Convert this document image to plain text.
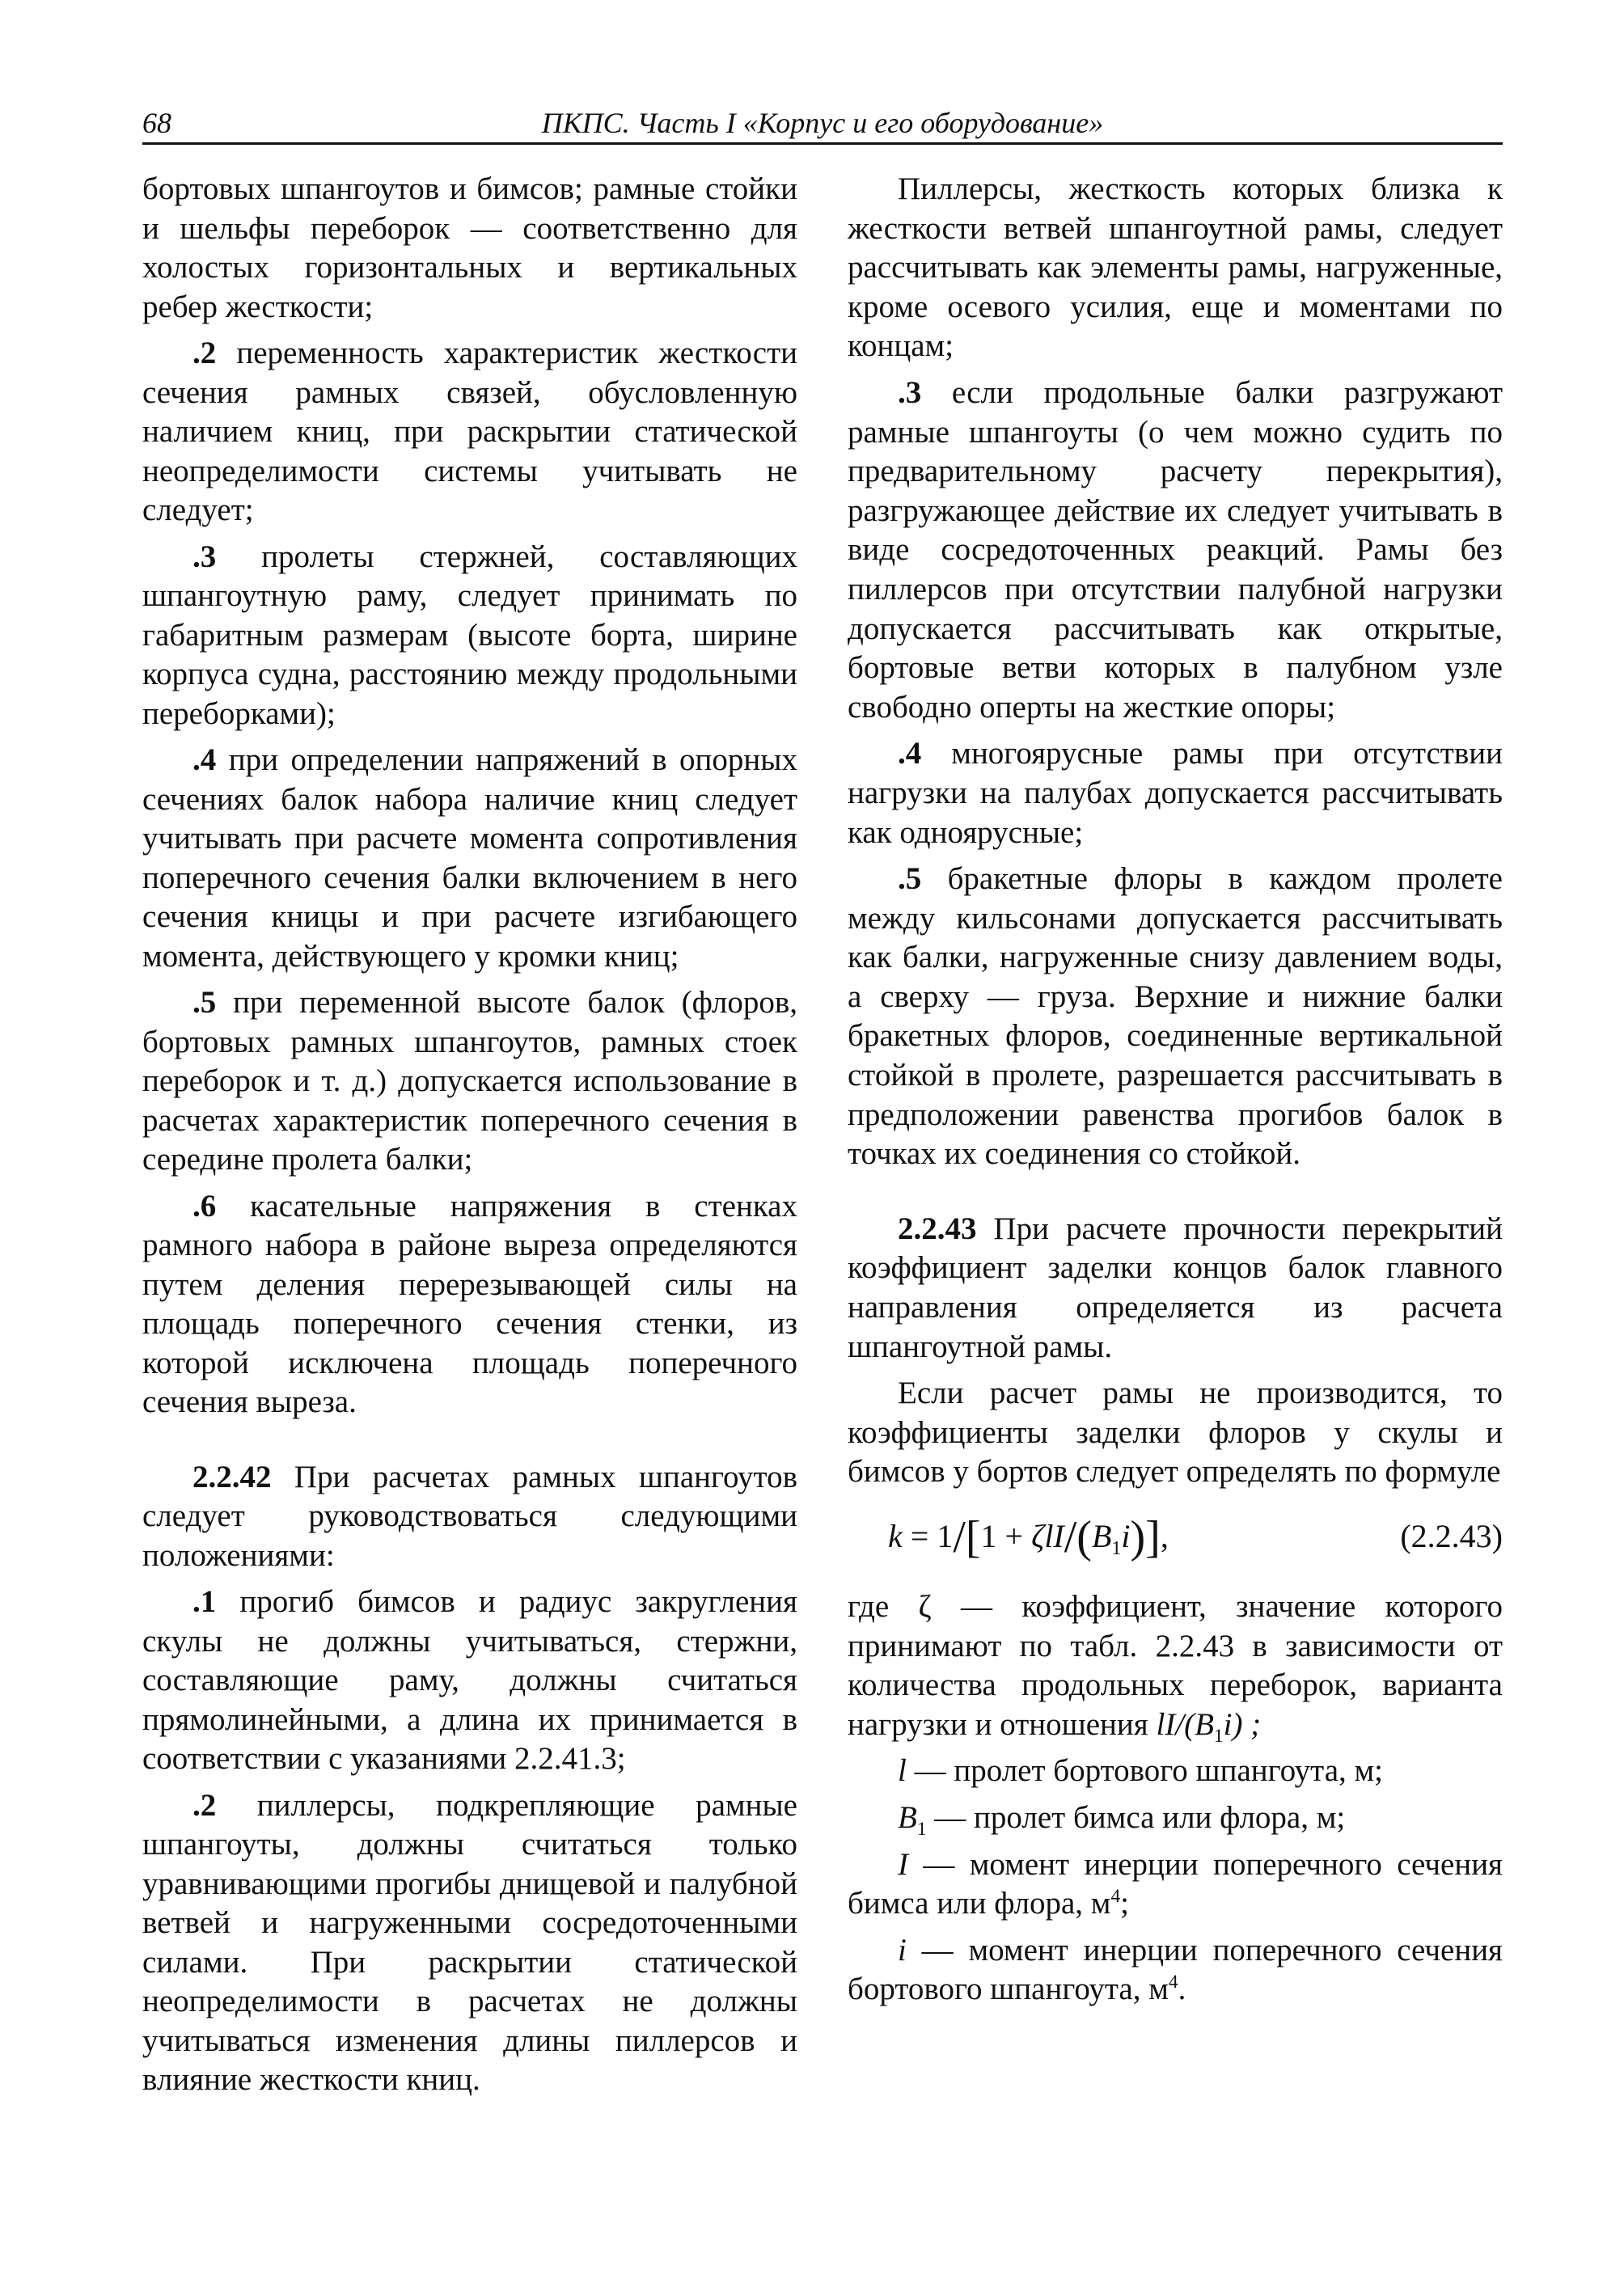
68	ПКПС. Часть I «Корпус и его оборудование»

бортовых шпангоутов и бимсов; рамные стойки и шельфы переборок — соответственно для холостых горизонтальных и вертикальных ребер жесткости;

.2 переменность характеристик жесткости сечения рамных связей, обусловленную наличием книц, при раскрытии статической неопределимости системы учитывать не следует;

.3 пролеты стержней, составляющих шпангоутную раму, следует принимать по габаритным размерам (высоте борта, ширине корпуса судна, расстоянию между продольными переборками);

.4 при определении напряжений в опорных сечениях балок набора наличие книц следует учитывать при расчете момента сопротивления поперечного сечения балки включением в него сечения кницы и при расчете изгибающего момента, действующего у кромки книц;

.5 при переменной высоте балок (флоров, бортовых рамных шпангоутов, рамных стоек переборок и т. д.) допускается использование в расчетах характеристик поперечного сечения в середине пролета балки;

.6 касательные напряжения в стенках рамного набора в районе выреза определяются путем деления перерезывающей силы на площадь поперечного сечения стенки, из которой исключена площадь поперечного сечения выреза.

2.2.42 При расчетах рамных шпангоутов следует руководствоваться следующими положениями:

.1 прогиб бимсов и радиус закругления скулы не должны учитываться, стержни, составляющие раму, должны считаться прямолинейными, а длина их принимается в соответствии с указаниями 2.2.41.3;

.2 пиллерсы, подкрепляющие рамные шпангоуты, должны считаться только уравнивающими прогибы днищевой и палубной ветвей и нагруженными сосредоточенными силами. При раскрытии статической неопределимости в расчетах не должны учитываться изменения длины пиллерсов и влияние жесткости книц.

Пиллерсы, жесткость которых близка к жесткости ветвей шпангоутной рамы, следует рассчитывать как элементы рамы, нагруженные, кроме осевого усилия, еще и моментами по концам;

.3 если продольные балки разгружают рамные шпангоуты (о чем можно судить по предварительному расчету перекрытия), разгружающее действие их следует учитывать в виде сосредоточенных реакций. Рамы без пиллерсов при отсутствии палубной нагрузки допускается рассчитывать как открытые, бортовые ветви которых в палубном узле свободно оперты на жесткие опоры;

.4 многоярусные рамы при отсутствии нагрузки на палубах допускается рассчитывать как одноярусные;

.5 бракетные флоры в каждом пролете между кильсонами допускается рассчитывать как балки, нагруженные снизу давлением воды, а сверху — груза. Верхние и нижние балки бракетных флоров, соединенные вертикальной стойкой в пролете, разрешается рассчитывать в предположении равенства прогибов балок в точках их соединения со стойкой.

2.2.43 При расчете прочности перекрытий коэффициент заделки концов балок главного направления определяется из расчета шпангоутной рамы.

Если расчет рамы не производится, то коэффициенты заделки флоров у скулы и бимсов у бортов следует определять по формуле

k = 1/[1 + ζlI/$(B_1i)$],	(2.2.43)

где ζ — коэффициент, значение которого принимают по табл. 2.2.43 в зависимости от количества продольных переборок, варианта нагрузки и отношения $lI/(B_1i)$ ;

l — пролет бортового шпангоута, м;

$B_1$ — пролет бимса или флора, м;

I — момент инерции поперечного сечения бимса или флора, $м^4$;

i — момент инерции поперечного сечения бортового шпангоута, $м^4$.
